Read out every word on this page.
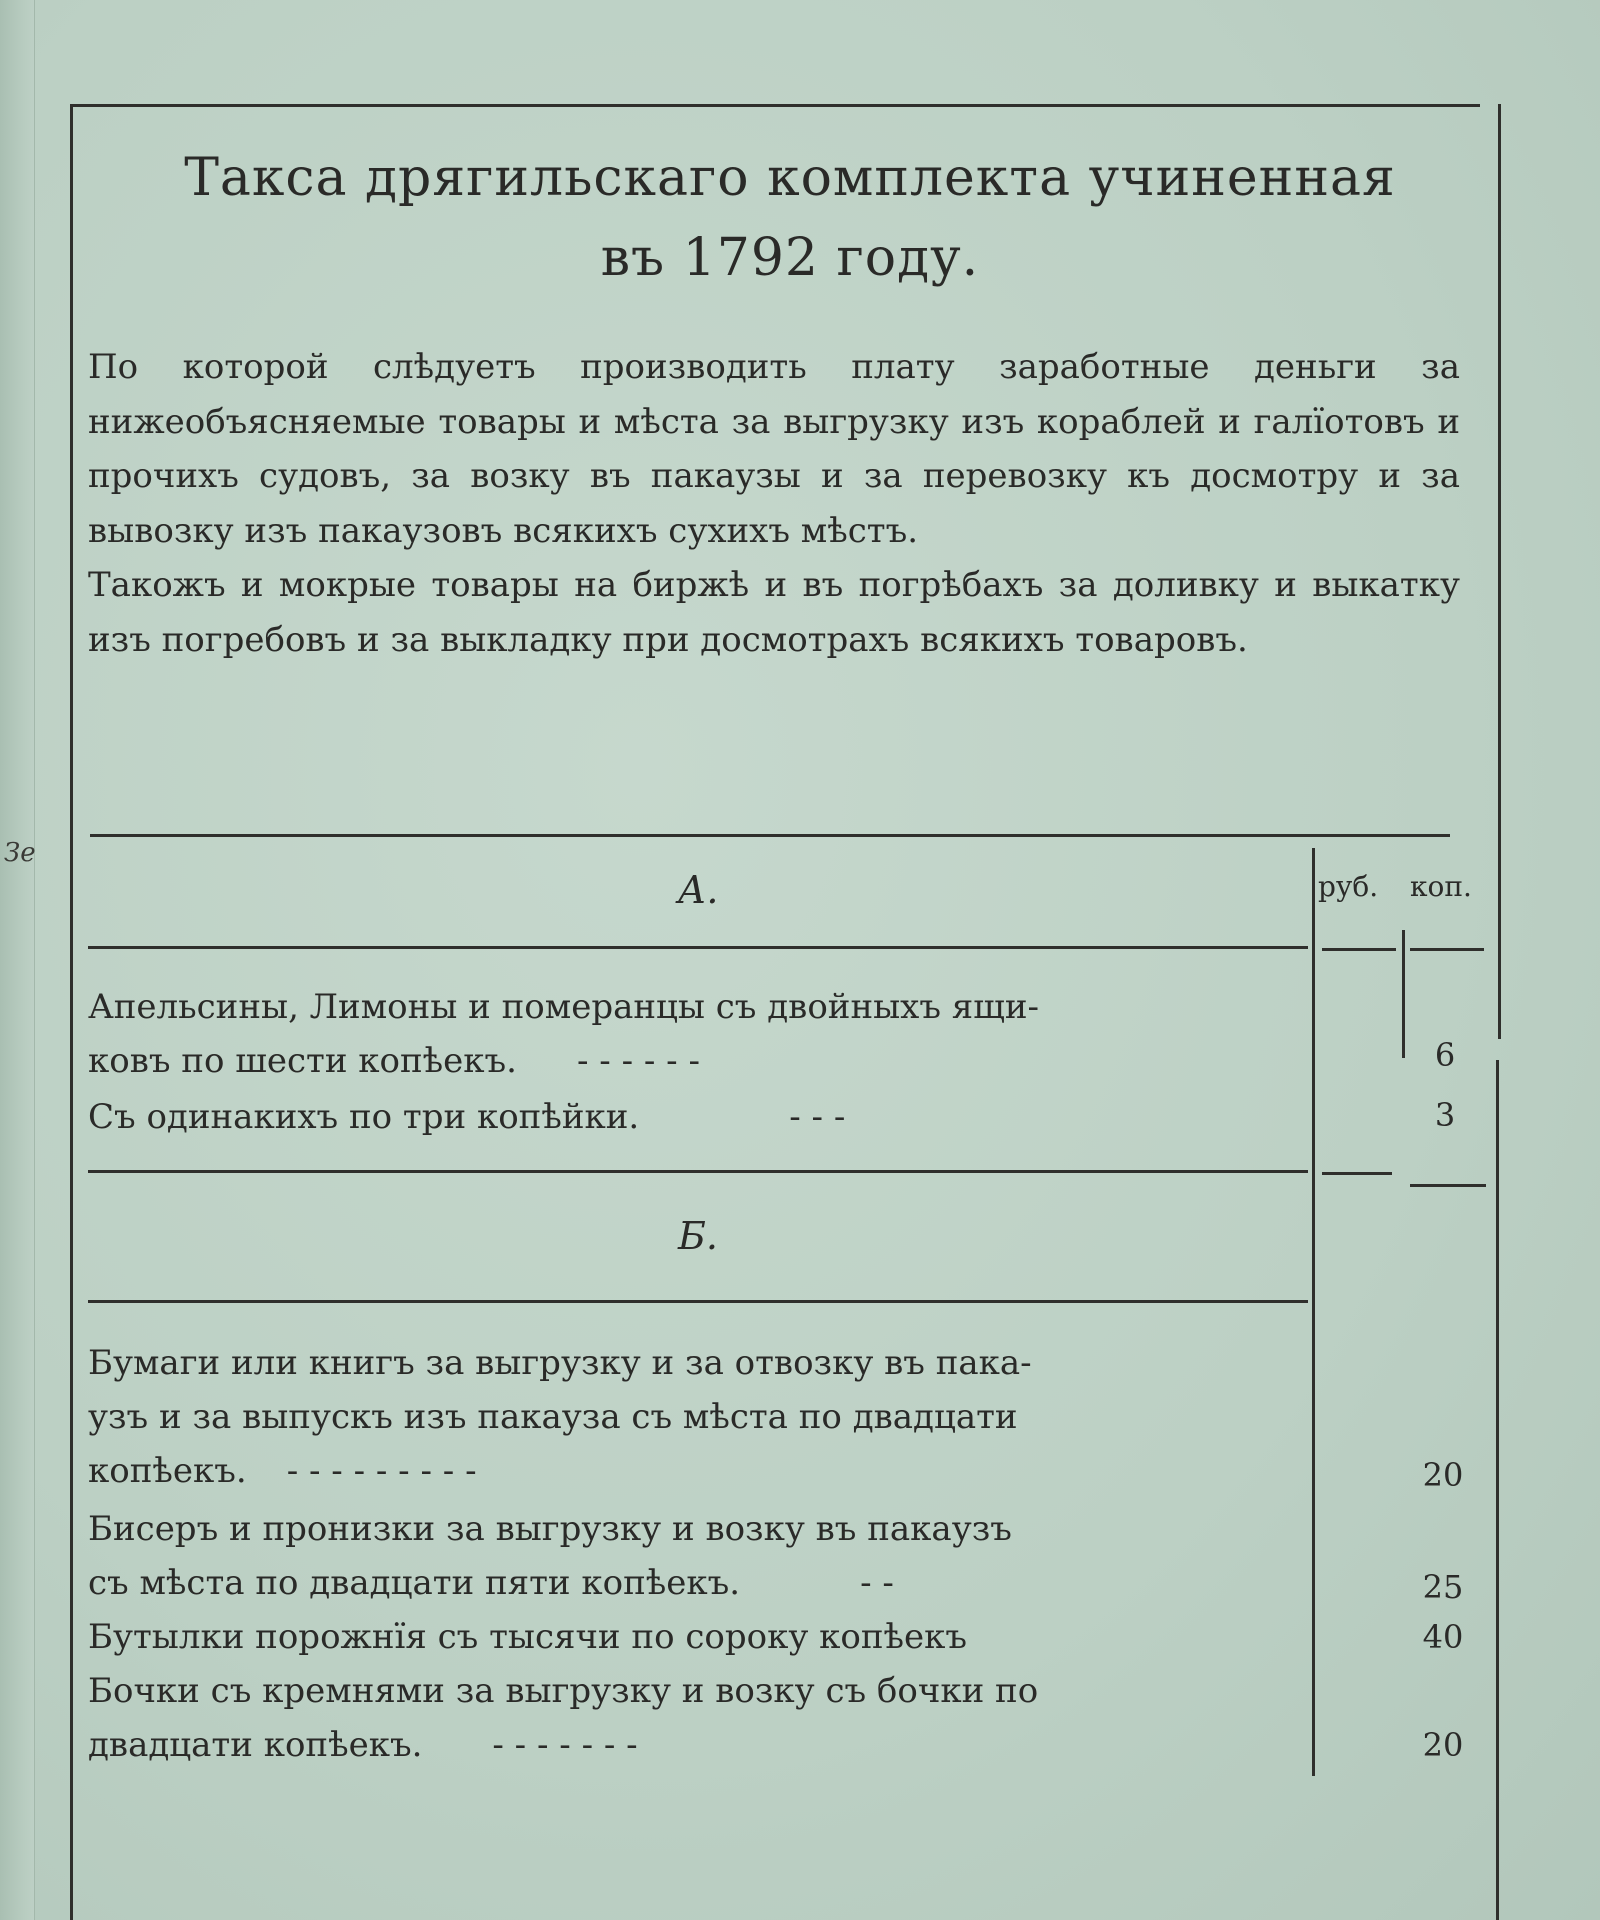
Зе
Такса дрягильскаго комплекта учиненная
въ 1792 году.

По которой слѣдуетъ производить плату заработные деньги за нижеобъясняемые товары и мѣста за выгрузку изъ кораблей и галїотовъ и прочихъ судовъ, за возку въ пакаузы и за перевозку къ досмотру и за вывозку изъ пакаузовъ всякихъ сухихъ мѣстъ.

Такожъ и мокрые товары на биржѣ и въ погрѣбахъ за доливку и выкатку изъ погребовъ и за выкладку при досмотрахъ всякихъ товаровъ.

А.	руб. коп.
Апельсины, Лимоны и померанцы съ двойныхъ ящи-
ковъ по шести копѣекъ. - - - - - -	6
Съ одинакихъ по три копѣйки.	- - -	3
Б.
Бумаги или книгъ за выгрузку и за отвозку въ пака-
узъ и за выпускъ изъ пакауза съ мѣста по двадцати
копѣекъ. - - - - - - - - -	20
Бисеръ и пронизки за выгрузку и возку въ пакаузъ
съ мѣста по двадцати пяти копѣекъ.	- -	25
Бутылки порожнїя съ тысячи по сороку копѣекъ	40
Бочки съ кремнями за выгрузку и возку съ бочки по
двадцати копѣекъ. - - - - - - -	20
